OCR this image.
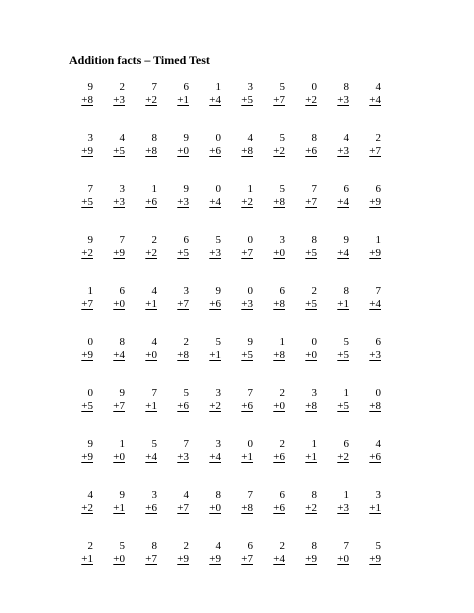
Addition facts – Timed Test
9
+8
2
+3
7
+2
6
+1
1
+4
3
+5
5
+7
0
+2
8
+3
4
+4
3
+9
4
+5
8
+8
9
+0
0
+6
4
+8
5
+2
8
+6
4
+3
2
+7
7
+5
3
+3
1
+6
9
+3
0
+4
1
+2
5
+8
7
+7
6
+4
6
+9
9
+2
7
+9
2
+2
6
+5
5
+3
0
+7
3
+0
8
+5
9
+4
1
+9
1
+7
6
+0
4
+1
3
+7
9
+6
0
+3
6
+8
2
+5
8
+1
7
+4
0
+9
8
+4
4
+0
2
+8
5
+1
9
+5
1
+8
0
+0
5
+5
6
+3
0
+5
9
+7
7
+1
5
+6
3
+2
7
+6
2
+0
3
+8
1
+5
0
+8
9
+9
1
+0
5
+4
7
+3
3
+4
0
+1
2
+6
1
+1
6
+2
4
+6
4
+2
9
+1
3
+6
4
+7
8
+0
7
+8
6
+6
8
+2
1
+3
3
+1
2
+1
5
+0
8
+7
2
+9
4
+9
6
+7
2
+4
8
+9
7
+0
5
+9
